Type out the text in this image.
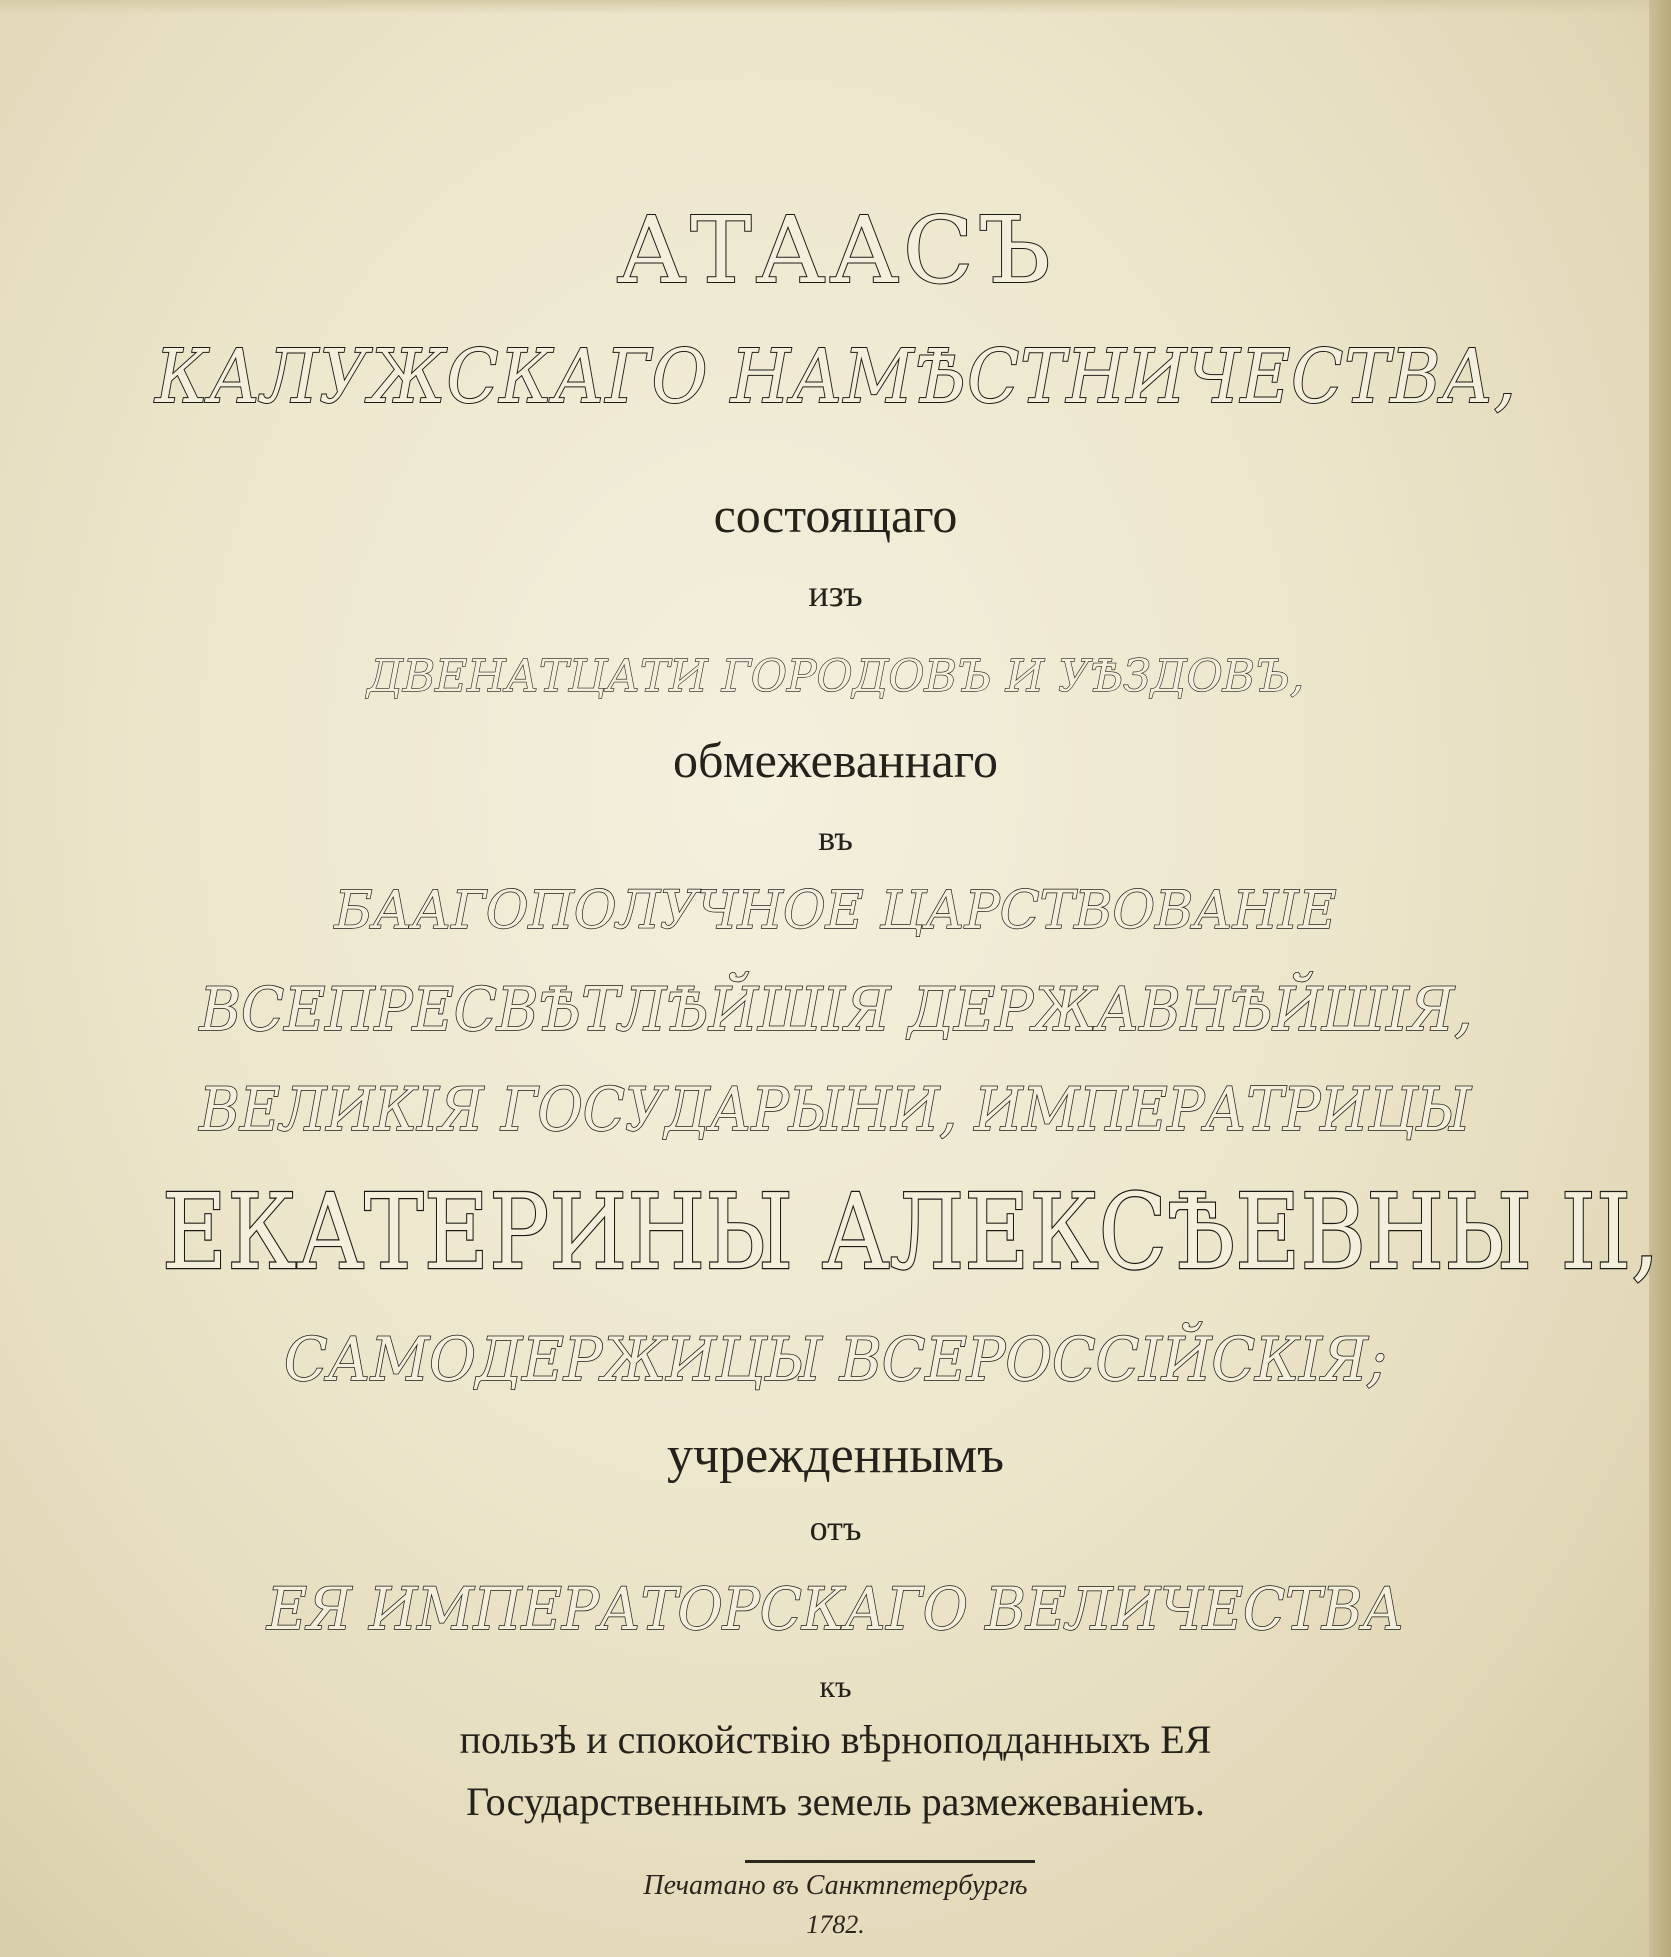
АТААСЪ
КАЛУЖСКАГО НАМѢСТНИЧЕСТВА,
состоящаго
изъ
ДВЕНАТЦАТИ ГОРОДОВЪ И УѢЗДОВЪ,
обмежеваннаго
въ
БААГОПОЛУЧНОЕ ЦАРСТВОВАНIЕ
ВСЕПРЕСВѢТЛѢЙШIЯ ДЕРЖАВНѢЙШIЯ,
ВЕЛИКIЯ ГОСУДАРЫНИ, ИМПЕРАТРИЦЫ
ЕКАТЕРИНЫ АЛЕКСѢЕВНЫ II,
САМОДЕРЖИЦЫ ВСЕРОССIЙСКIЯ;
учрежденнымъ
отъ
ЕЯ ИМПЕРАТОРСКАГО ВЕЛИЧЕСТВА
къ
пользѣ и спокойствiю вѣрноподданныхъ ЕЯ
Государственнымъ земель размежеванiемъ.
Печатано въ Санктпетербургѣ
1782.
